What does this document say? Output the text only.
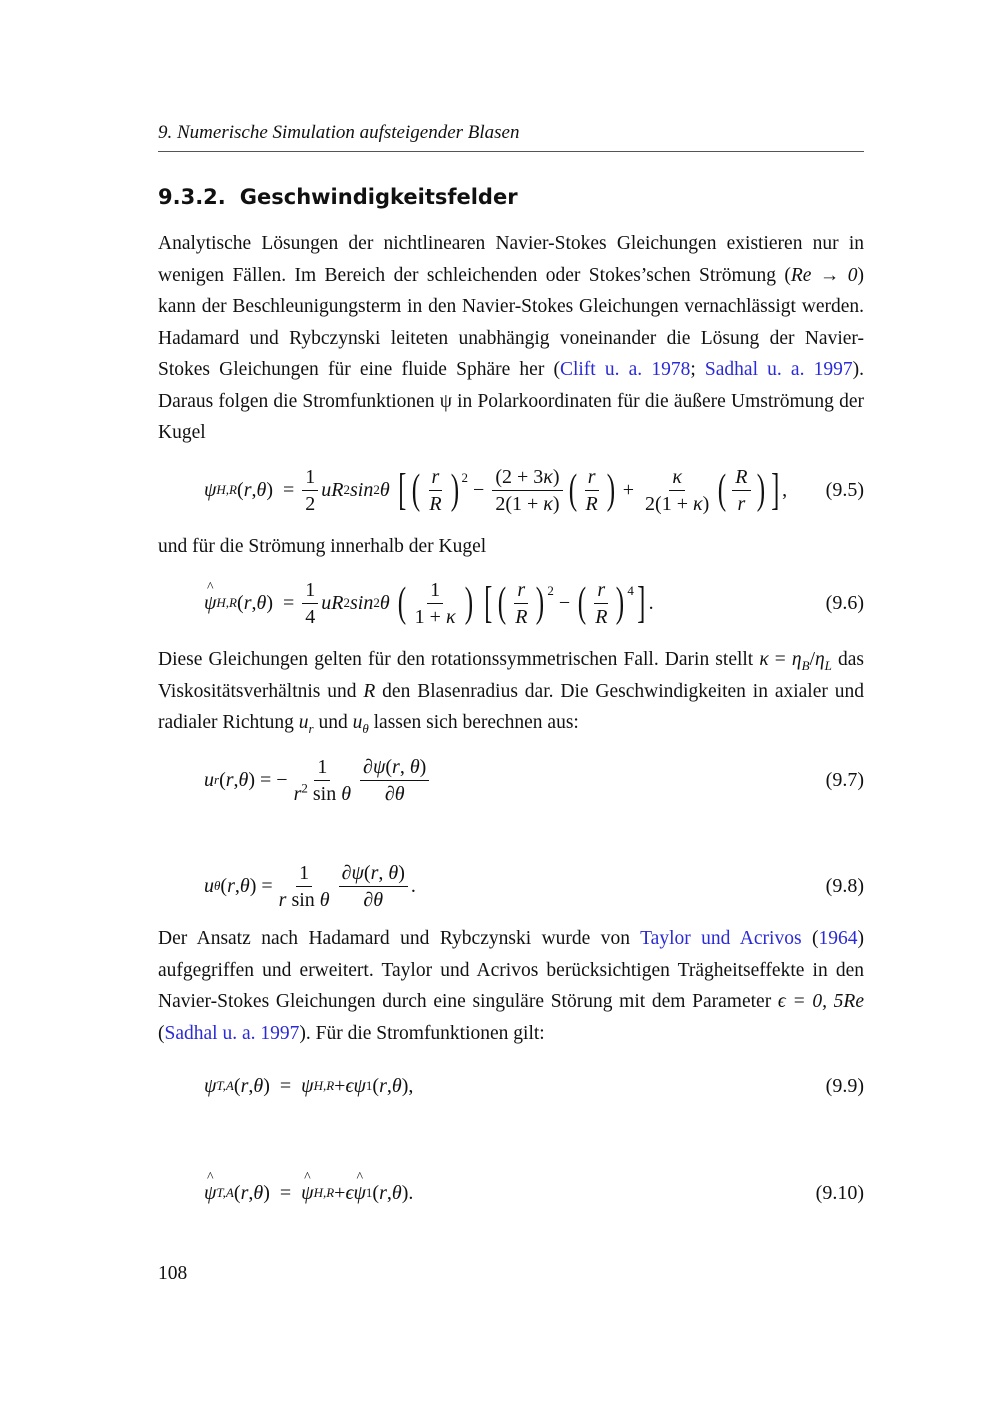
9. Numerische Simulation aufsteigender Blasen
9.3.2. Geschwindigkeitsfelder
Analytische Lösungen der nichtlinearen Navier-Stokes Gleichungen existieren nur in wenigen Fällen. Im Bereich der schleichenden oder Stokes’schen Strömung (Re → 0) kann der Beschleunigungsterm in den Navier-Stokes Gleichungen vernachlässigt werden. Hadamard und Rybczynski leiteten unabhängig voneinander die Lösung der Navier-Stokes Gleichungen für eine fluide Sphäre her (Clift u. a. 1978; Sadhal u. a. 1997). Daraus folgen die Stromfunktionen ψ in Polarkoordinaten für die äußere Umströmung der Kugel
ψ H,R ( r , θ )  = $\frac{1}{2}$ uR 2 sin 2 θ
[ ( $\frac{r}{R} )^2$
− $\frac{(2 + 3\kappa)}{2(1 + \kappa)}$ ( $\frac{r}{R}$ ) + $\frac{\kappa}{2(1 + \kappa)}$ ( $\frac{R}{r}$ ) ] , (9.5)
und für die Strömung innerhalb der Kugel
^ ψ H,R ( r , θ )  = $\frac{1}{4}$ uR 2 sin 2 θ
( $\frac{1}{1 + \kappa}$ )
[ ( $\frac{r}{R} )^2$
− ( $\frac{r}{R} )^4$ ] .	(9.6)
Diese Gleichungen gelten für den rotationssymmetrischen Fall. Darin stellt $\kappa = \eta_B/\eta_L$ das Viskositätsverhältnis und R den Blasenradius dar. Die Geschwindigkeiten in axialer und radialer Richtung $u_r$ und $u_\theta$ lassen sich berechnen aus:
u r ( r , θ ) = − $\frac{1}{r^2 \sin \theta} \frac{\partial\psi(r, \theta)}{\partial\theta}$	(9.7)
u θ ( r , θ ) = $\frac{1}{\text{r sin θ}} \frac{\partial\psi(r, \theta)}{\partial\theta}$ .	(9.8)
Der Ansatz nach Hadamard und Rybczynski wurde von Taylor und Acrivos (1964) aufgegriffen und erweitert. Taylor und Acrivos berücksichtigen Trägheitseffekte in den Navier-Stokes Gleichungen durch eine singuläre Störung mit dem Parameter ϵ = 0, 5Re (Sadhal u. a. 1997). Für die Stromfunktionen gilt:
ψ T,A ( r , θ )  = ψ H,R + ϵ ψ 1 ( r , θ ),	(9.9)
^ ψ T,A ( r , θ )  = ^ ψ H,R + ϵ ^ ψ 1 ( r , θ ).	(9.10)
108
